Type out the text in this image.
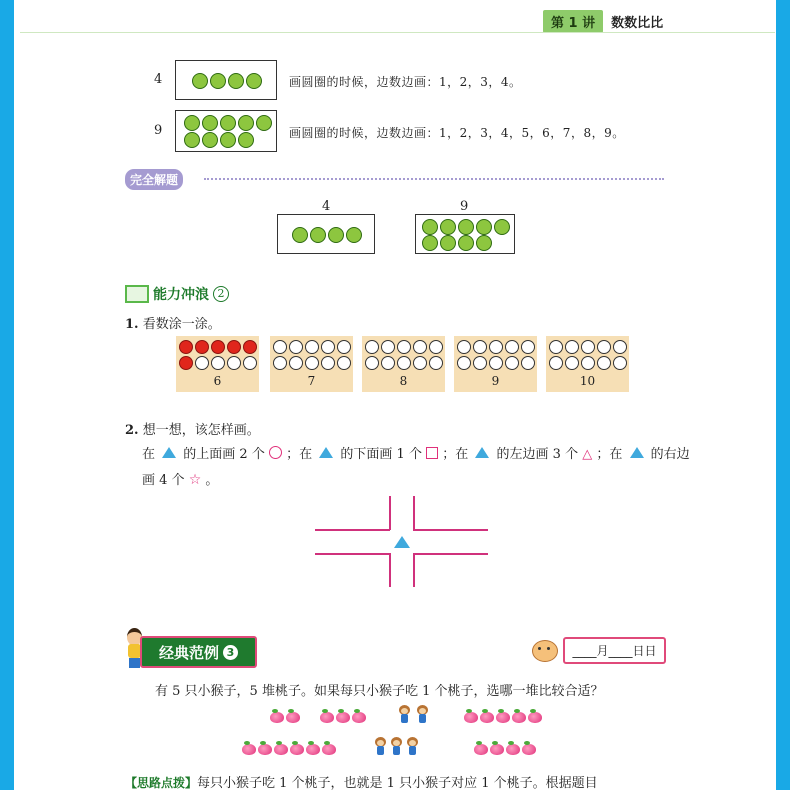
第 1 讲	数数比比
4	画圆圈的时候，边数边画：1，2，3，4。
9	画圆圈的时候，边数边画：1，2，3，4，5，6，7，8，9。
完全解题
4	9
能力冲浪 2
1. 看数涂一涂。
6	7	8	9	10
2. 想一想，该怎样画。
在 的上面画 2 个 ；在 的下面画 1 个 ；在 的左边画 3 个 △ ；在 的右边
画 4 个 ☆ 。
经典范例 3	____月____日 日
有 5 只小猴子，5 堆桃子。如果每只小猴子吃 1 个桃子，选哪一堆比较合适？
【思路点拨】每只小猴子吃 1 个桃子，也就是 1 只小猴子对应 1 个桃子。根据题目
